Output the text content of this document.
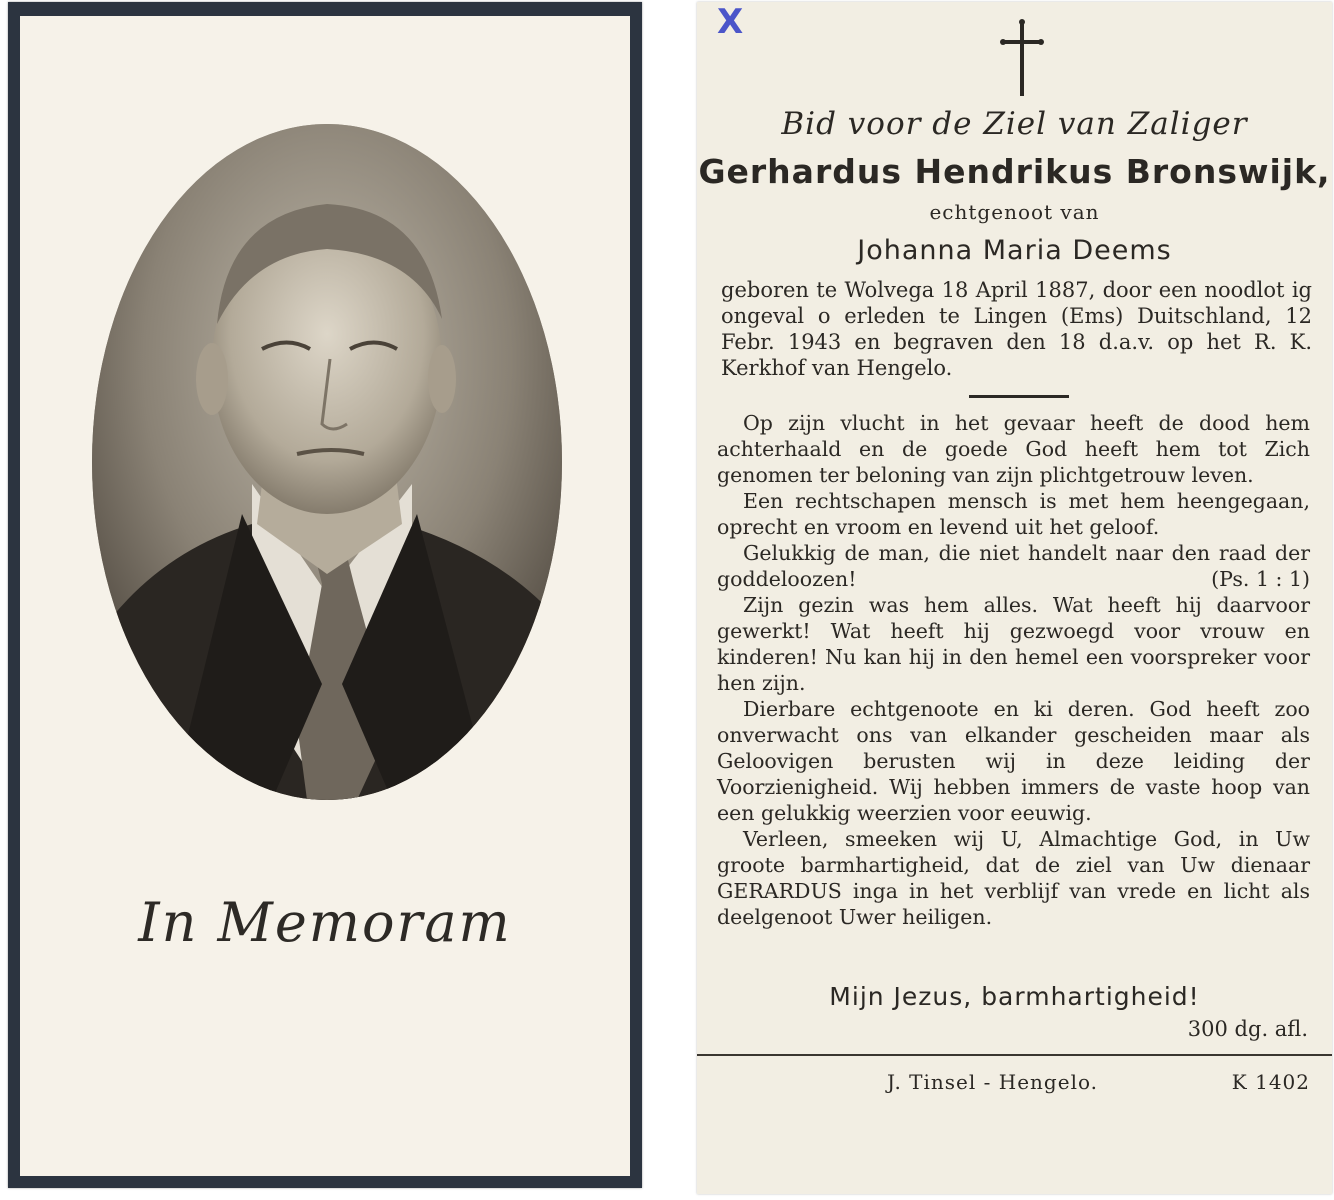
In Memoram
X
Bid voor de Ziel van Zaliger
Gerhardus Hendrikus Bronswijk,
echtgenoot van
Johanna Maria Deems

geboren te Wolvega 18 April 1887, door een noodlot ig ongeval o erleden te Lingen (Ems) Duitschland, 12 Febr. 1943 en begraven den 18 d.a.v. op het R. K. Kerkhof van Hengelo.

Op zijn vlucht in het gevaar heeft de dood hem achterhaald en de goede God heeft hem tot Zich genomen ter beloning van zijn plichtgetrouw leven.

Een rechtschapen mensch is met hem heengegaan, oprecht en vroom en levend uit het geloof.

Gelukkig de man, die niet handelt naar den raad der goddeloozen!	(Ps. 1 : 1)

Zijn gezin was hem alles. Wat heeft hij daarvoor gewerkt! Wat heeft hij gezwoegd voor vrouw en kinderen! Nu kan hij in den hemel een voorspreker voor hen zijn.

Dierbare echtgenoote en ki deren. God heeft zoo onverwacht ons van elkander gescheiden maar als Geloovigen berusten wij in deze leiding der Voorzienigheid. Wij hebben immers de vaste hoop van een gelukkig weerzien voor eeuwig.

Verleen, smeeken wij U, Almachtige God, in Uw groote barmhartigheid, dat de ziel van Uw dienaar GERARDUS inga in het verblijf van vrede en licht als deelgenoot Uwer heiligen.

Mijn Jezus, barmhartigheid!
300 dg. afl.
J. Tinsel - Hengelo.	K 1402
